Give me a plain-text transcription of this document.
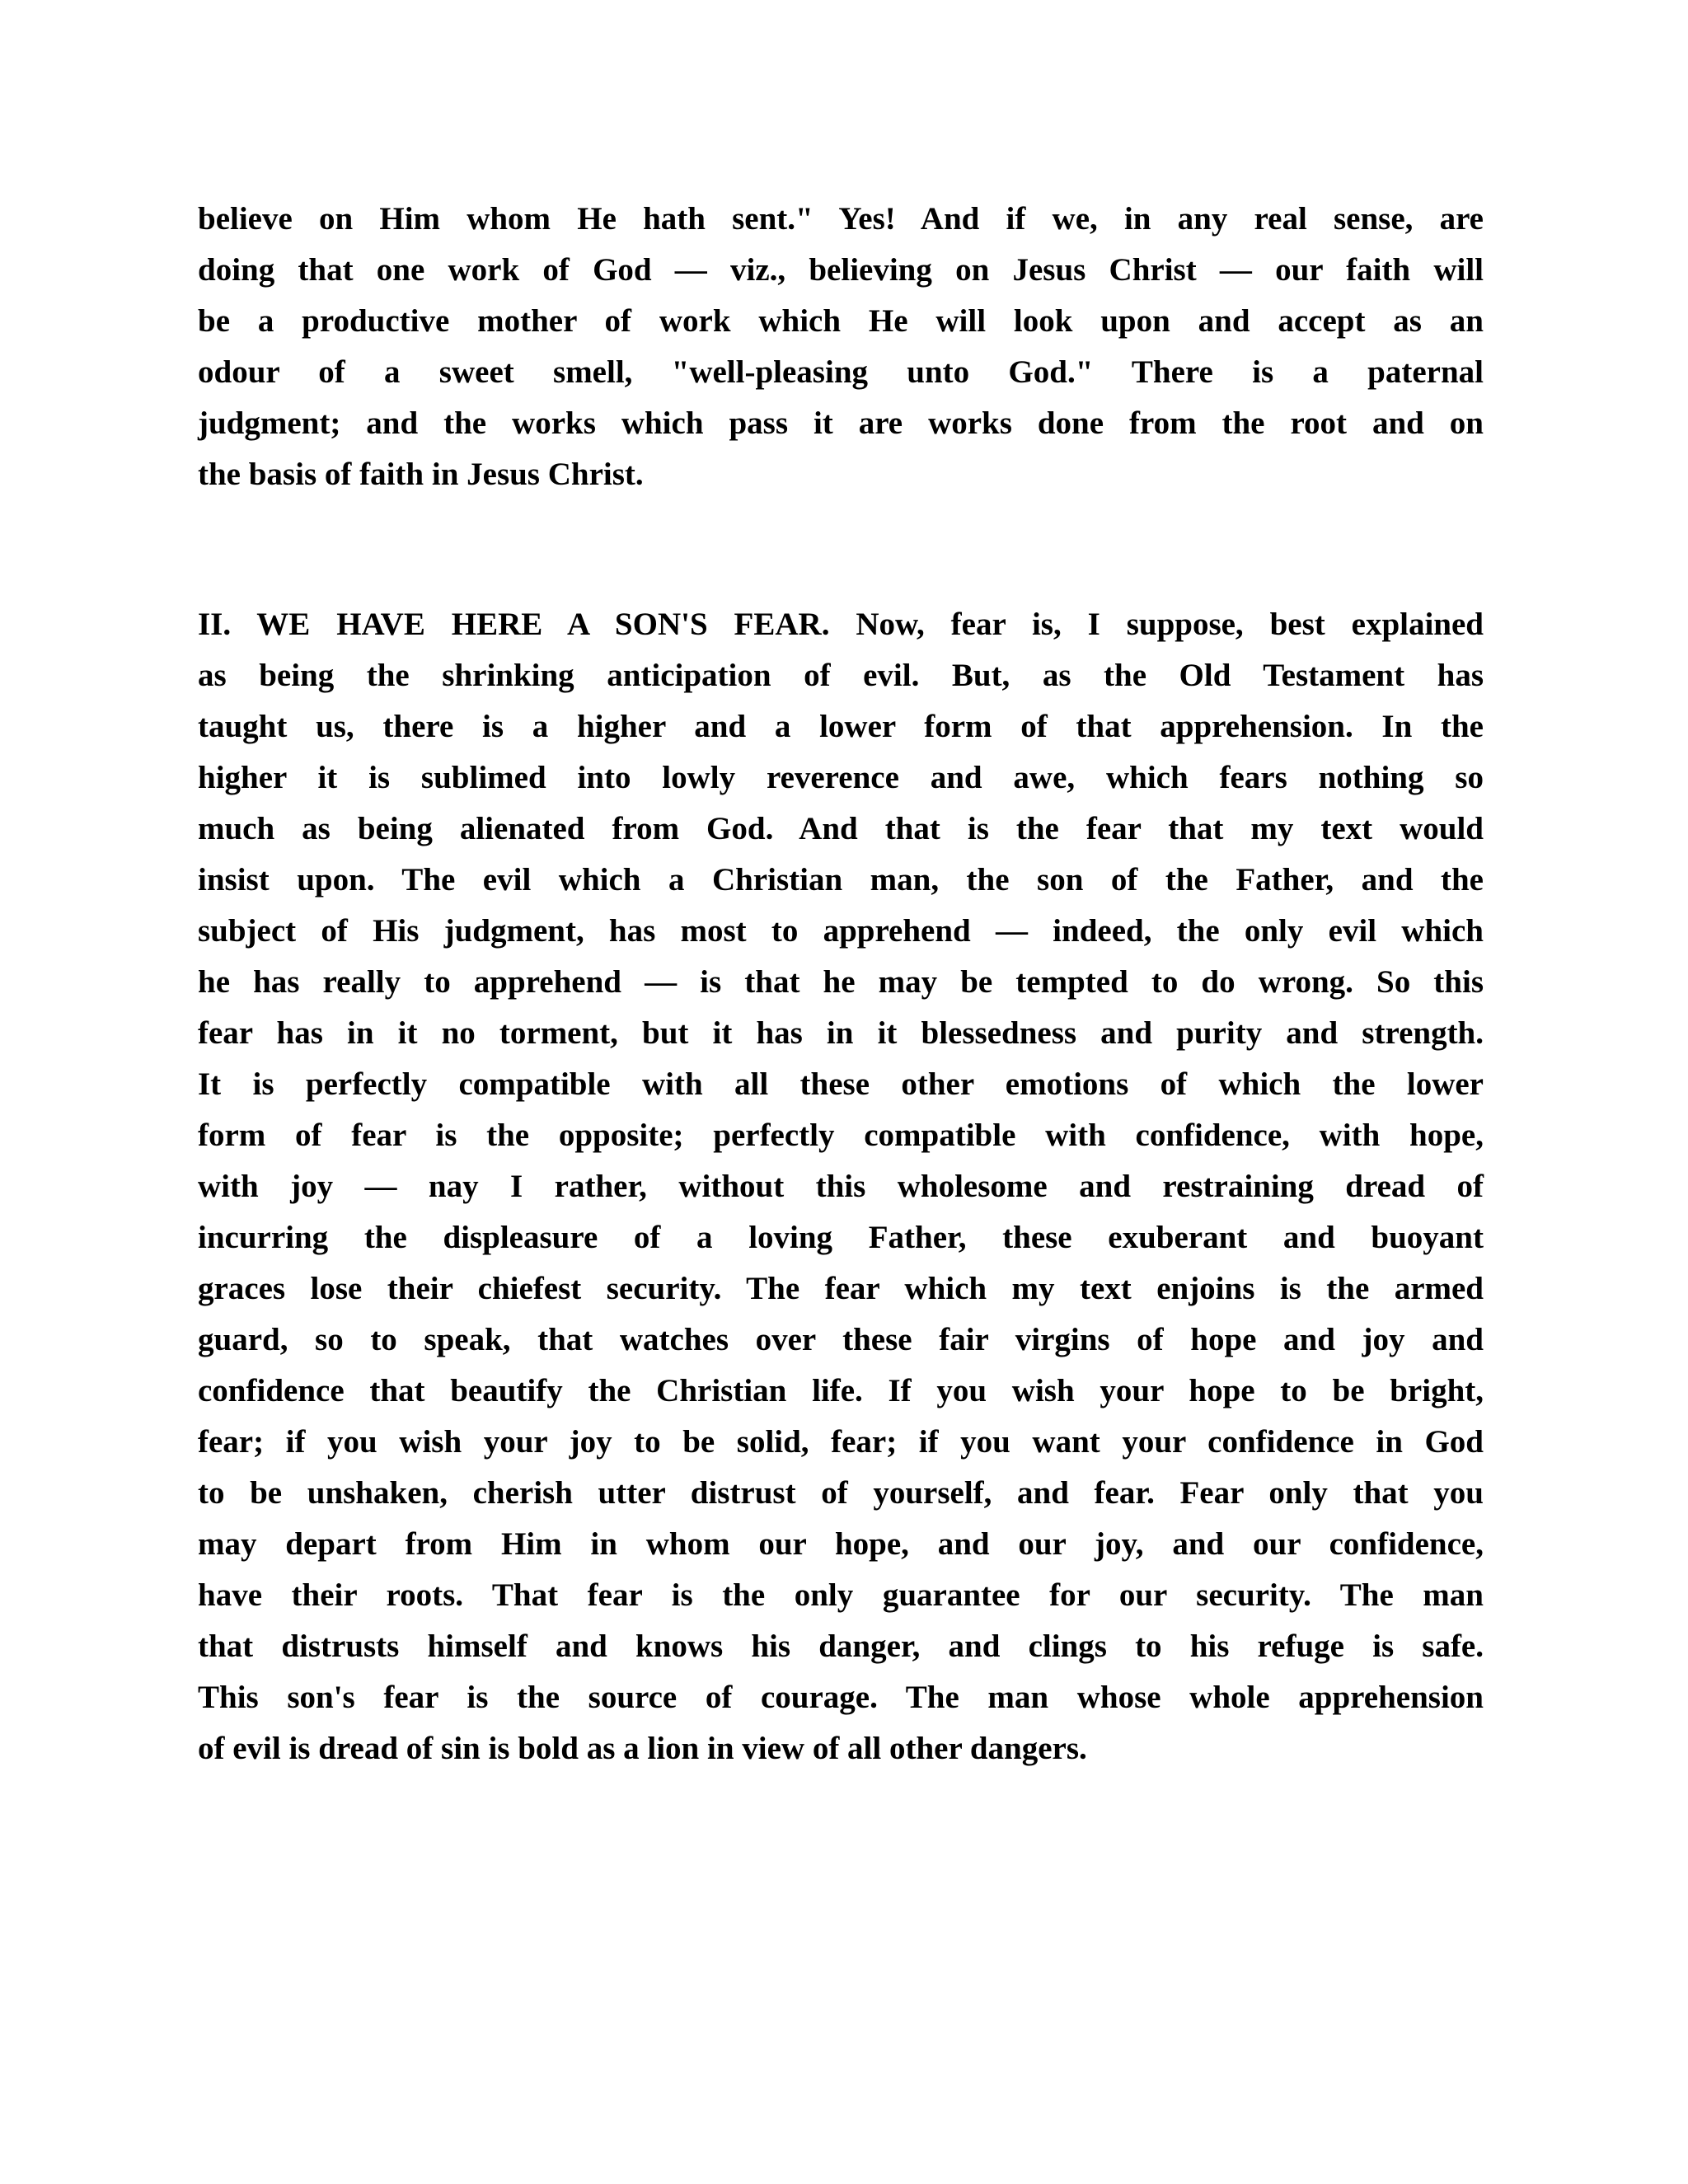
believe on Him whom He hath sent." Yes! And if we, in any real sense, are
doing that one work of God — viz., believing on Jesus Christ — our faith will
be a productive mother of work which He will look upon and accept as an
odour of a sweet smell, "well-pleasing unto God." There is a paternal
judgment; and the works which pass it are works done from the root and on
the basis of faith in Jesus Christ.
II. WE HAVE HERE A SON'S FEAR. Now, fear is, I suppose, best explained
as being the shrinking anticipation of evil. But, as the Old Testament has
taught us, there is a higher and a lower form of that apprehension. In the
higher it is sublimed into lowly reverence and awe, which fears nothing so
much as being alienated from God. And that is the fear that my text would
insist upon. The evil which a Christian man, the son of the Father, and the
subject of His judgment, has most to apprehend — indeed, the only evil which
he has really to apprehend — is that he may be tempted to do wrong. So this
fear has in it no torment, but it has in it blessedness and purity and strength.
It is perfectly compatible with all these other emotions of which the lower
form of fear is the opposite; perfectly compatible with confidence, with hope,
with joy — nay I rather, without this wholesome and restraining dread of
incurring the displeasure of a loving Father, these exuberant and buoyant
graces lose their chiefest security. The fear which my text enjoins is the armed
guard, so to speak, that watches over these fair virgins of hope and joy and
confidence that beautify the Christian life. If you wish your hope to be bright,
fear; if you wish your joy to be solid, fear; if you want your confidence in God
to be unshaken, cherish utter distrust of yourself, and fear. Fear only that you
may depart from Him in whom our hope, and our joy, and our confidence,
have their roots. That fear is the only guarantee for our security. The man
that distrusts himself and knows his danger, and clings to his refuge is safe.
This son's fear is the source of courage. The man whose whole apprehension
of evil is dread of sin is bold as a lion in view of all other dangers.
